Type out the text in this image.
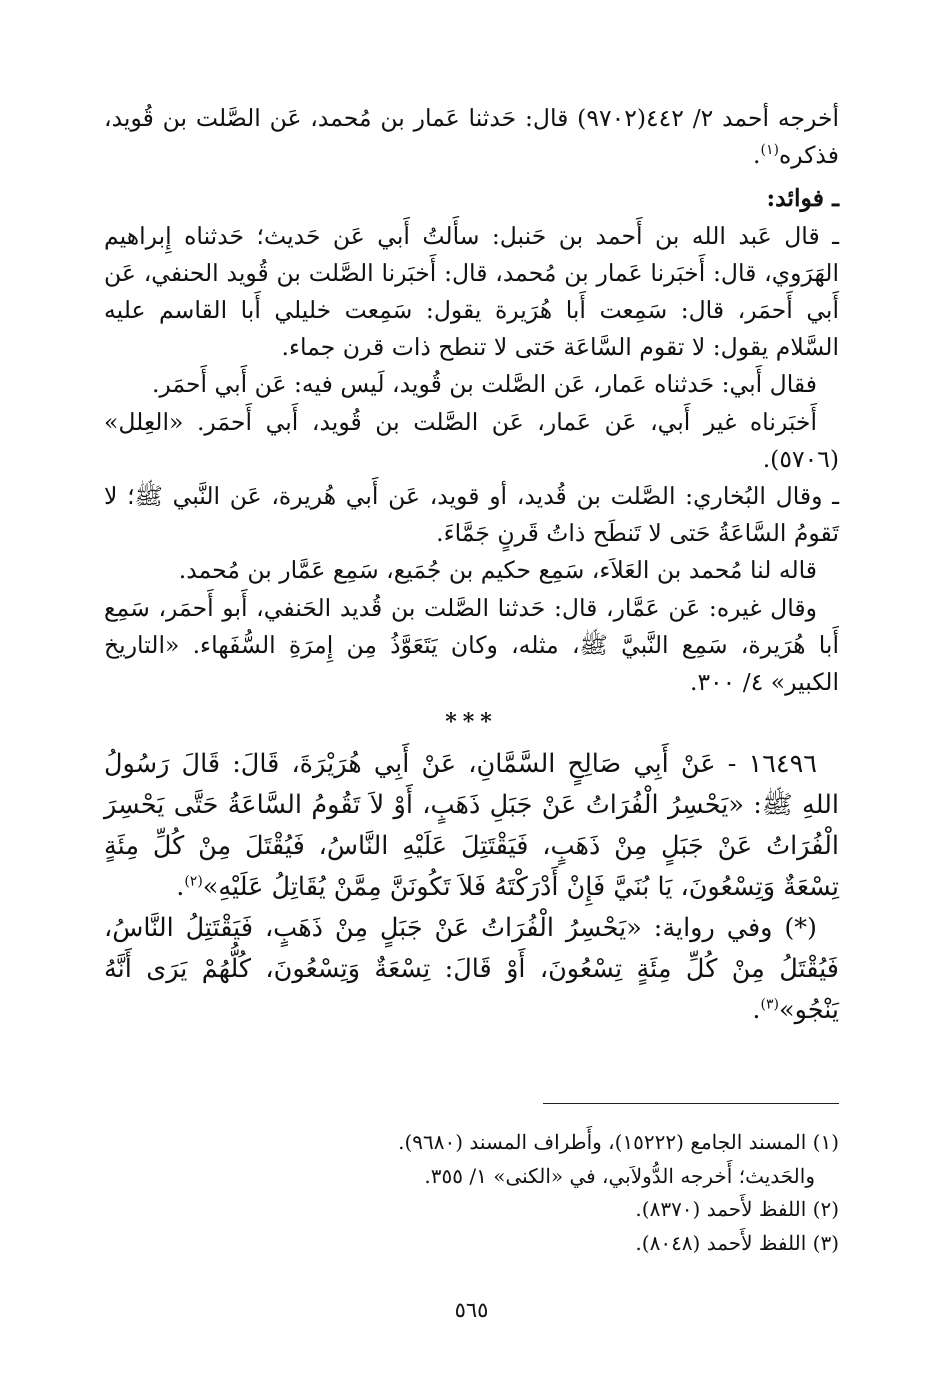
أخرجه أحمد ٢/ ٤٤٢(٩٧٠٢) قال: حَدثنا عَمار بن مُحمد، عَن الصَّلت بن قُويد، فذكره$^{(١)}$.

ـ فوائد:

ـ قال عَبد الله بن أَحمد بن حَنبل: سأَلتُ أَبي عَن حَديث؛ حَدثناه إِبراهيم الهَرَوي، قال: أَخبَرنا عَمار بن مُحمد، قال: أَخبَرنا الصَّلت بن قُويد الحنفي، عَن أَبي أَحمَر، قال: سَمِعت أَبا هُرَيرة يقول: سَمِعت خليلي أَبا القاسم عليه السَّلام يقول: لا تقوم السَّاعَة حَتى لا تنطح ذات قرن جماء.

فقال أَبي: حَدثناه عَمار، عَن الصَّلت بن قُويد، لَيس فيه: عَن أَبي أَحمَر.

أَخبَرناه غير أَبي، عَن عَمار، عَن الصَّلت بن قُويد، أَبي أَحمَر. «العِلل» (٥٧٠٦).

ـ وقال البُخاري: الصَّلت بن قُديد، أو قويد، عَن أَبي هُريرة، عَن النَّبي ﷺ؛ لا تَقومُ السَّاعَةُ حَتى لا تَنطَح ذاتُ قَرنٍ جَمَّاءَ.

قاله لنا مُحمد بن العَلاَء، سَمِع حكيم بن جُمَيع، سَمِع عَمَّار بن مُحمد.

وقال غيره: عَن عَمَّار، قال: حَدثنا الصَّلت بن قُديد الحَنفي، أَبو أَحمَر، سَمِع أَبا هُرَيرة، سَمِع النَّبيَّ ﷺ، مثله، وكان يَتَعَوَّذُ مِن إِمرَةِ السُّفَهاء. «التاريخ الكبير» ٤/ ٣٠٠.

***

١٦٤٩٦ - عَنْ أَبِي صَالِحٍ السَّمَّانِ، عَنْ أَبِي هُرَيْرَةَ، قَالَ: قَالَ رَسُولُ اللهِ ﷺ: «يَحْسِرُ الْفُرَاتُ عَنْ جَبَلِ ذَهَبٍ، أَوْ لاَ تَقُومُ السَّاعَةُ حَتَّى يَحْسِرَ الْفُرَاتُ عَنْ جَبَلٍ مِنْ ذَهَبٍ، فَيَقْتَتِلَ عَلَيْهِ النَّاسُ، فَيُقْتَلَ مِنْ كُلِّ مِئَةٍ تِسْعَةٌ وَتِسْعُونَ، يَا بُنَيَّ فَإِنْ أَدْرَكْتَهُ فَلاَ تَكُونَنَّ مِمَّنْ يُقَاتِلُ عَلَيْهِ»$^{(٢)}$.

(*) وفي رواية: «يَحْسِرُ الْفُرَاتُ عَنْ جَبَلٍ مِنْ ذَهَبٍ، فَيَقْتَتِلُ النَّاسُ، فَيُقْتَلُ مِنْ كُلِّ مِئَةٍ تِسْعُونَ، أَوْ قَالَ: تِسْعَةٌ وَتِسْعُونَ، كُلُّهُمْ يَرَى أَنَّهُ يَنْجُو»$^{(٣)}$.

(١) المسند الجامع (١٥٢٢٢)، وأَطراف المسند (٩٦٨٠).

والحَديث؛ أَخرجه الدُّولاَبي، في «الكنى» ١/ ٣٥٥.

(٢) اللفظ لأَحمد (٨٣٧٠).

(٣) اللفظ لأَحمد (٨٠٤٨).

٥٦٥
